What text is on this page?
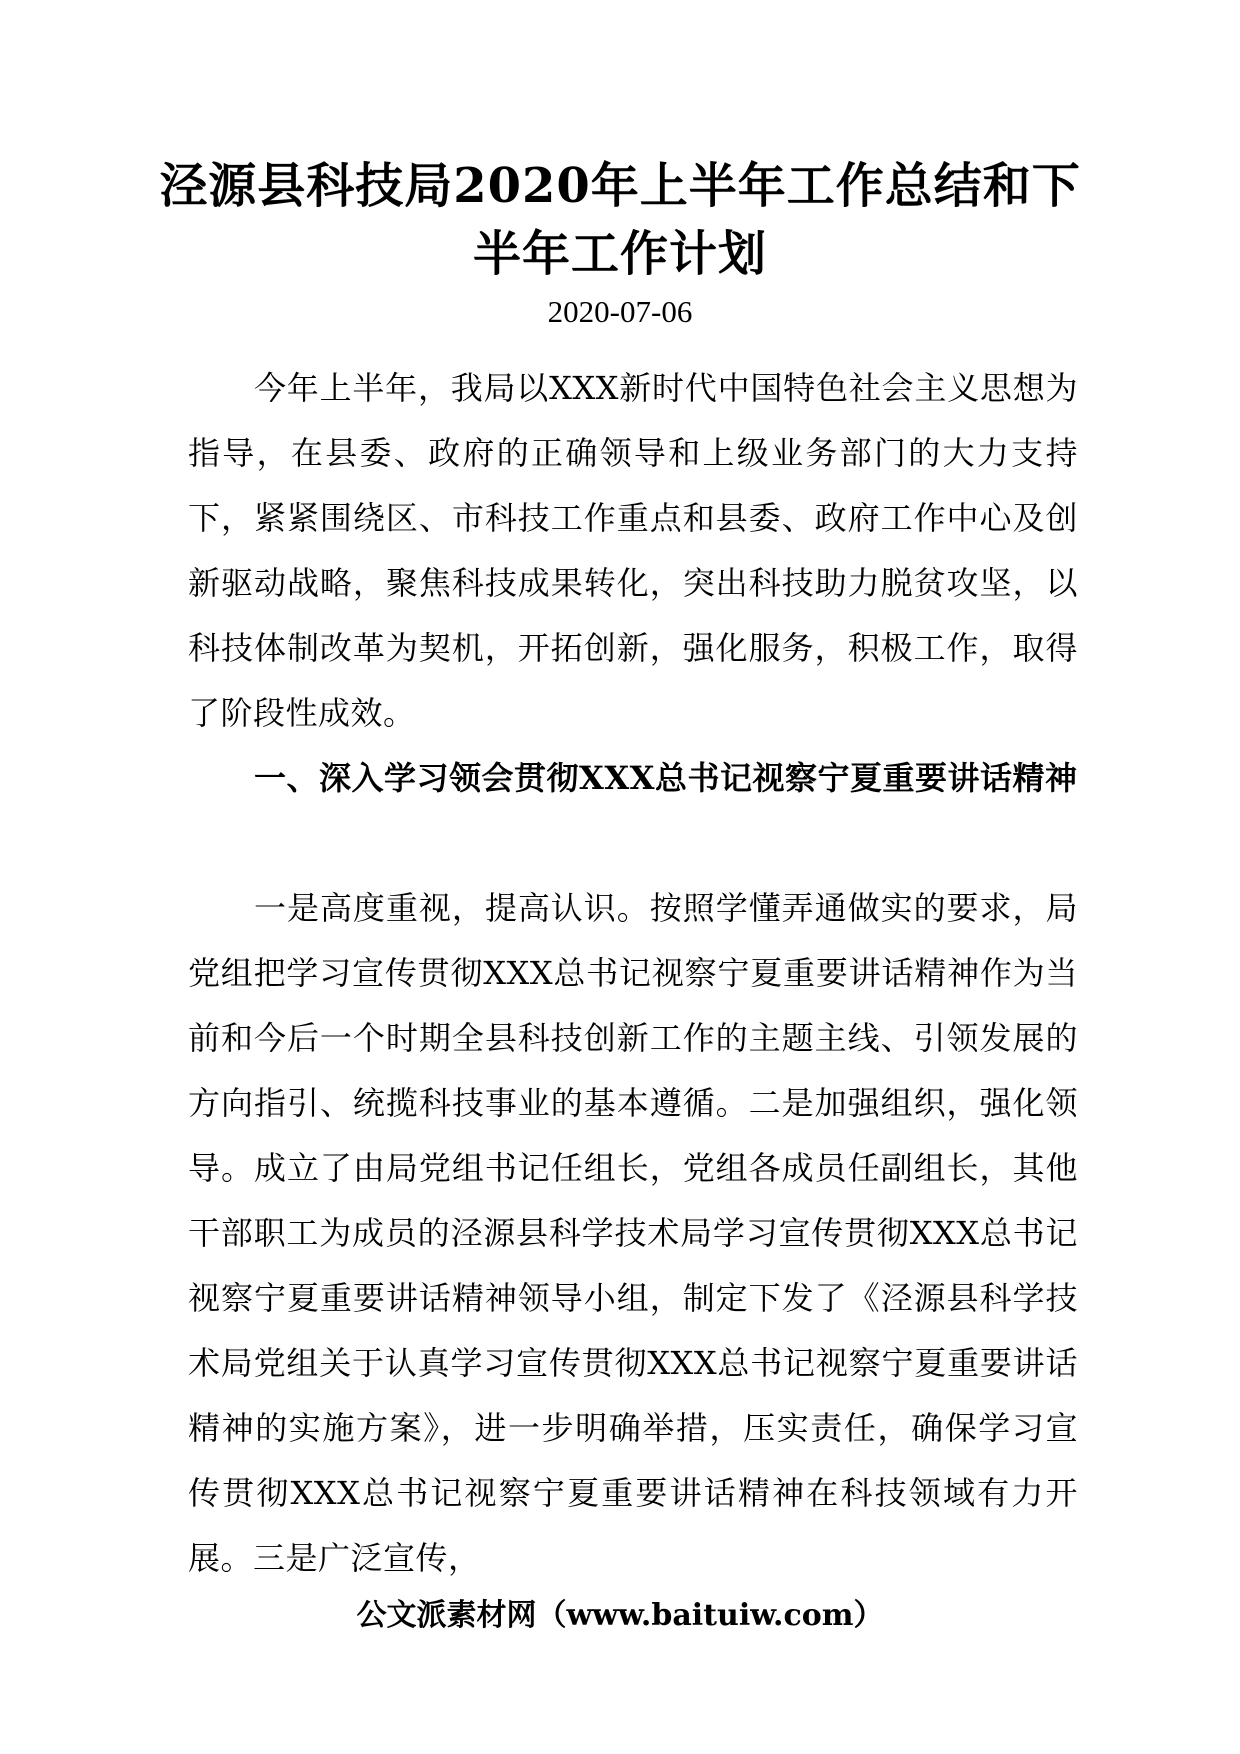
泾源县科技局2020年上半年工作总结和下半年工作计划
2020-07-06

今年上半年，我局以XXX新时代中国特色社会主义思想为指导，在县委、政府的正确领导和上级业务部门的大力支持下，紧紧围绕区、市科技工作重点和县委、政府工作中心及创新驱动战略，聚焦科技成果转化，突出科技助力脱贫攻坚，以科技体制改革为契机，开拓创新，强化服务，积极工作，取得了阶段性成效。

一、深入学习领会贯彻XXX总书记视察宁夏重要讲话精神

一是高度重视，提高认识。按照学懂弄通做实的要求，局党组把学习宣传贯彻XXX总书记视察宁夏重要讲话精神作为当前和今后一个时期全县科技创新工作的主题主线、引领发展的方向指引、统揽科技事业的基本遵循。二是加强组织，强化领导。成立了由局党组书记任组长，党组各成员任副组长，其他干部职工为成员的泾源县科学技术局学习宣传贯彻XXX总书记视察宁夏重要讲话精神领导小组，制定下发了《泾源县科学技术局党组关于认真学习宣传贯彻XXX总书记视察宁夏重要讲话精神的实施方案》，进一步明确举措，压实责任，确保学习宣传贯彻XXX总书记视察宁夏重要讲话精神在科技领域有力开展。三是广泛宣传，

公文派素材网（www.baituiw.com）
